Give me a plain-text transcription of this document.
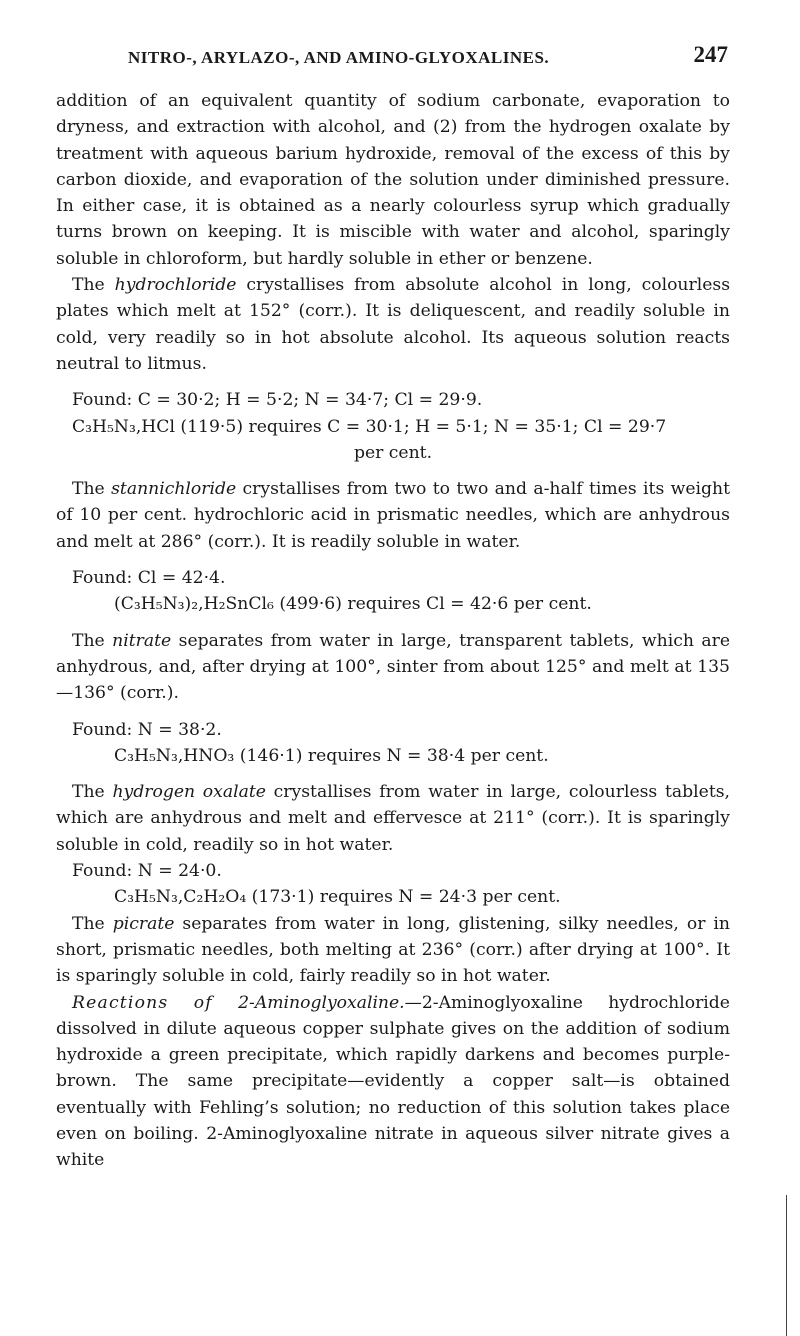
NITRO-, ARYLAZO-, AND AMINO-GLYOXALINES.	247

addition of an equivalent quantity of sodium carbonate, evaporation to dryness, and extraction with alcohol, and (2) from the hydrogen oxalate by treatment with aqueous barium hydroxide, removal of the excess of this by carbon dioxide, and evaporation of the solution under diminished pressure. In either case, it is obtained as a nearly colourless syrup which gradually turns brown on keeping. It is miscible with water and alcohol, sparingly soluble in chloroform, but hardly soluble in ether or benzene.

The hydrochloride crystallises from absolute alcohol in long, colourless plates which melt at 152° (corr.). It is deliquescent, and readily soluble in cold, very readily so in hot absolute alcohol. Its aqueous solution reacts neutral to litmus.

Found: C = 30·2; H = 5·2; N = 34·7; Cl = 29·9.
C₃H₅N₃,HCl (119·5) requires C = 30·1; H = 5·1; N = 35·1; Cl = 29·7
per cent.

The stannichloride crystallises from two to two and a-half times its weight of 10 per cent. hydrochloric acid in prismatic needles, which are anhydrous and melt at 286° (corr.). It is readily soluble in water.

Found: Cl = 42·4.
(C₃H₅N₃)₂,H₂SnCl₆ (499·6) requires Cl = 42·6 per cent.

The nitrate separates from water in large, transparent tablets, which are anhydrous, and, after drying at 100°, sinter from about 125° and melt at 135—136° (corr.).

Found: N = 38·2.
C₃H₅N₃,HNO₃ (146·1) requires N = 38·4 per cent.

The hydrogen oxalate crystallises from water in large, colourless tablets, which are anhydrous and melt and effervesce at 211° (corr.). It is sparingly soluble in cold, readily so in hot water.

Found: N = 24·0.
C₃H₅N₃,C₂H₂O₄ (173·1) requires N = 24·3 per cent.

The picrate separates from water in long, glistening, silky needles, or in short, prismatic needles, both melting at 236° (corr.) after drying at 100°. It is sparingly soluble in cold, fairly readily so in hot water.

Reactions of 2-Aminoglyoxaline.—2-Aminoglyoxaline hydrochloride dissolved in dilute aqueous copper sulphate gives on the addition of sodium hydroxide a green precipitate, which rapidly darkens and becomes purple-brown. The same precipitate—evidently a copper salt—is obtained eventually with Fehling’s solution; no reduction of this solution takes place even on boiling. 2-Aminoglyoxaline nitrate in aqueous silver nitrate gives a white
